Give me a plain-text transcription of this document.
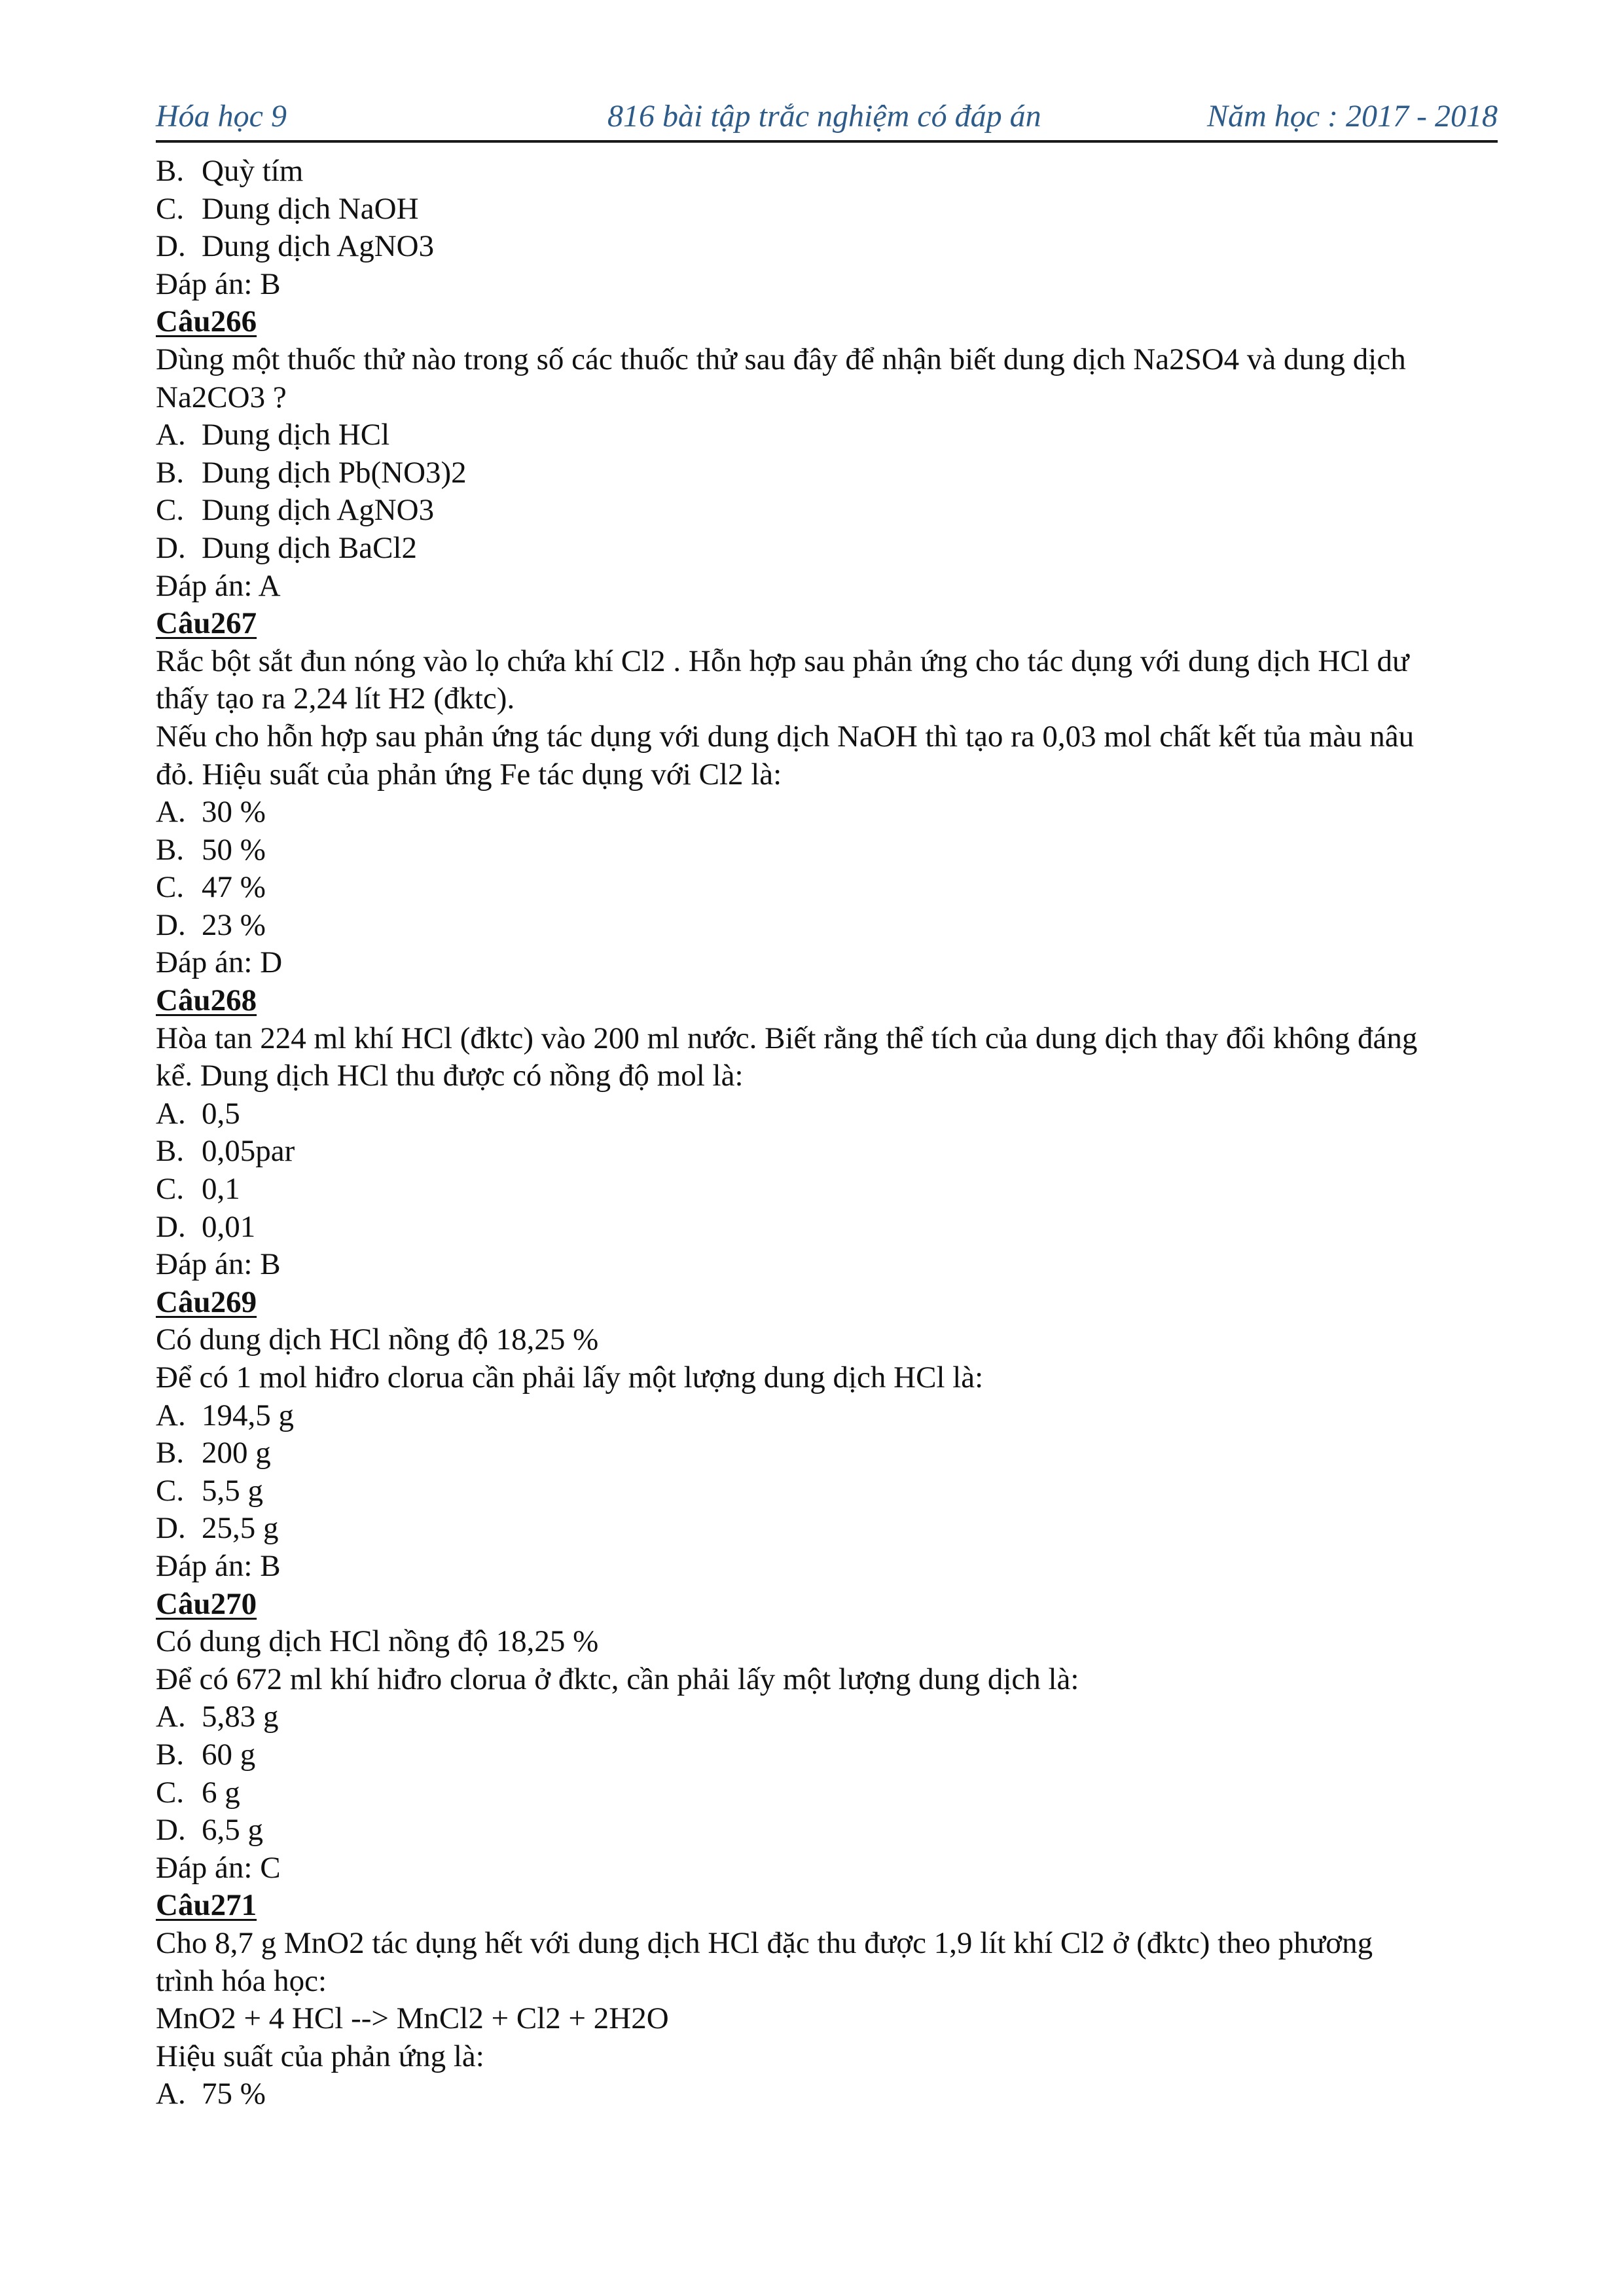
Hóa học 9	816 bài tập trắc nghiệm có đáp án	Năm học : 2017 - 2018
B. Quỳ tím
C. Dung dịch NaOH
D. Dung dịch AgNO3
Đáp án: B
Câu266
Dùng một thuốc thử nào trong số các thuốc thử sau đây để nhận biết dung dịch Na2SO4 và dung dịch
Na2CO3 ?
A. Dung dịch HCl
B. Dung dịch Pb(NO3)2
C. Dung dịch AgNO3
D. Dung dịch BaCl2
Đáp án: A
Câu267
Rắc bột sắt đun nóng vào lọ chứa khí Cl2 . Hỗn hợp sau phản ứng cho tác dụng với dung dịch HCl dư
thấy tạo ra 2,24 lít H2 (đktc).
Nếu cho hỗn hợp sau phản ứng tác dụng với dung dịch NaOH thì tạo ra 0,03 mol chất kết tủa màu nâu
đỏ. Hiệu suất của phản ứng Fe tác dụng với Cl2 là:
A. 30 %
B. 50 %
C. 47 %
D. 23 %
Đáp án: D
Câu268
Hòa tan 224 ml khí HCl (đktc) vào 200 ml nước. Biết rằng thể tích của dung dịch thay đổi không đáng
kể. Dung dịch HCl thu được có nồng độ mol là:
A. 0,5
B. 0,05par
C. 0,1
D. 0,01
Đáp án: B
Câu269
Có dung dịch HCl nồng độ 18,25 %
Để có 1 mol hiđro clorua cần phải lấy một lượng dung dịch HCl là:
A. 194,5 g
B. 200 g
C. 5,5 g
D. 25,5 g
Đáp án: B
Câu270
Có dung dịch HCl nồng độ 18,25 %
Để có 672 ml khí hiđro clorua ở đktc, cần phải lấy một lượng dung dịch là:
A. 5,83 g
B. 60 g
C. 6 g
D. 6,5 g
Đáp án: C
Câu271
Cho 8,7 g MnO2 tác dụng hết với dung dịch HCl đặc thu được 1,9 lít khí Cl2 ở (đktc) theo phương
trình hóa học:
MnO2 + 4 HCl --> MnCl2 + Cl2 + 2H2O
Hiệu suất của phản ứng là:
A. 75 %
